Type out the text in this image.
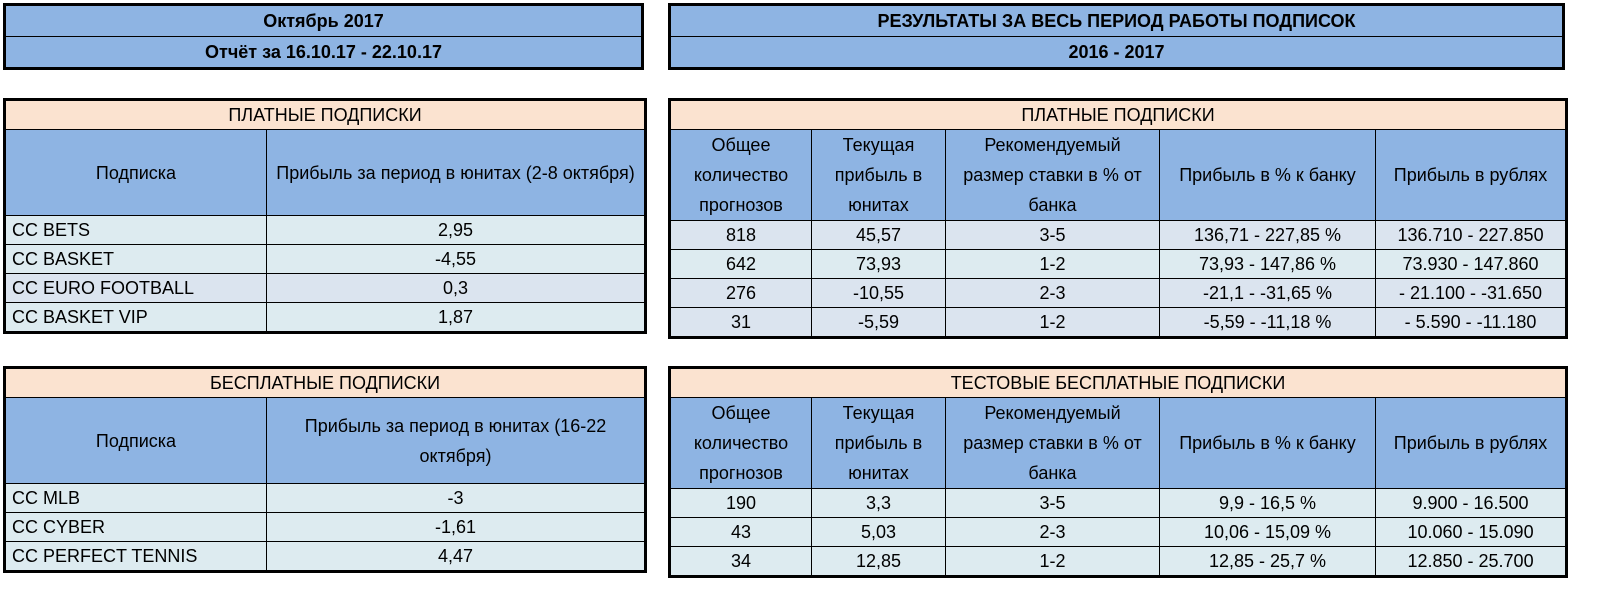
Октябрь 2017
Отчёт за 16.10.17 - 22.10.17
РЕЗУЛЬТАТЫ ЗА ВЕСЬ ПЕРИОД РАБОТЫ ПОДПИСОК
2016 - 2017
ПЛАТНЫЕ ПОДПИСКИ	
Подписка	Прибыль за период в юнитах (2-8 октября)
CC BETS	2,95
CC BASKET	-4,55
CC EURO FOOTBALL	0,3
CC BASKET VIP	1,87
БЕСПЛАТНЫЕ ПОДПИСКИ	
Подписка	Прибыль за период в юнитах (16-22 октября)
CC MLB	-3
CC CYBER	-1,61
CC PERFECT TENNIS	4,47
ПЛАТНЫЕ ПОДПИСКИ				
Общее количество прогнозов	Текущая прибыль в юнитах	Рекомендуемый размер ставки в % от банка	Прибыль в % к банку	Прибыль в рублях
818	45,57	3-5	136,71 - 227,85 %	136.710 - 227.850
642	73,93	1-2	73,93 - 147,86 %	73.930 - 147.860
276	-10,55	2-3	-21,1 - -31,65 %	- 21.100 - -31.650
31	-5,59	1-2	-5,59 - -11,18 %	- 5.590 - -11.180
ТЕСТОВЫЕ БЕСПЛАТНЫЕ ПОДПИСКИ				
Общее количество прогнозов	Текущая прибыль в юнитах	Рекомендуемый размер ставки в % от банка	Прибыль в % к банку	Прибыль в рублях
190	3,3	3-5	9,9 - 16,5 %	9.900 - 16.500
43	5,03	2-3	10,06 - 15,09 %	10.060 - 15.090
34	12,85	1-2	12,85 - 25,7 %	12.850 - 25.700
